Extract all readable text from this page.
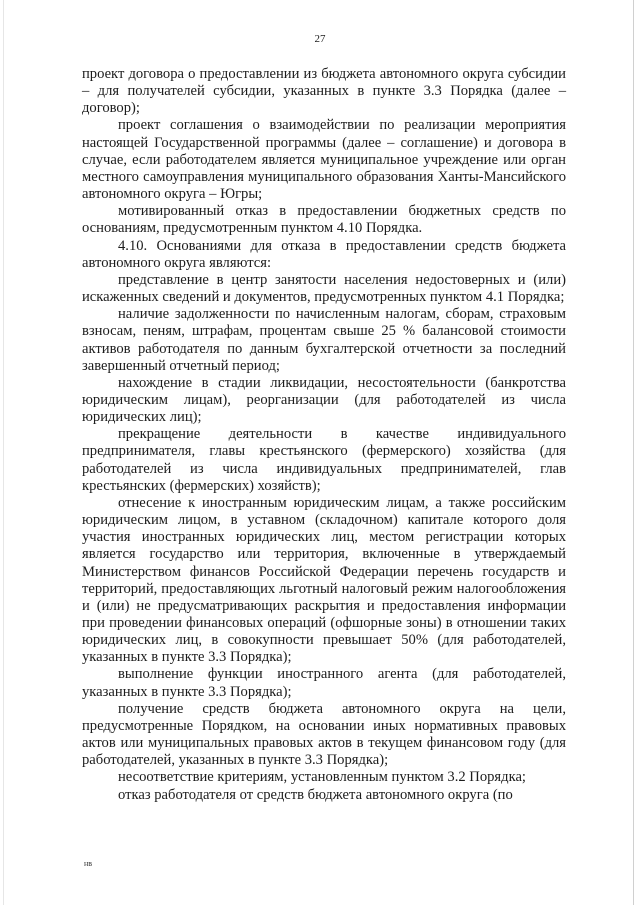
27

проект договора о предоставлении из бюджета автономного округа субсидии – для получателей субсидии, указанных в пункте 3.3 Порядка (далее – договор);

проект соглашения о взаимодействии по реализации мероприятия настоящей Государственной программы (далее – соглашение) и договора в случае, если работодателем является муниципальное учреждение или орган местного самоуправления муниципального образования Ханты-Мансийского автономного округа – Югры;

мотивированный отказ в предоставлении бюджетных средств по основаниям, предусмотренным пунктом 4.10 Порядка.

4.10. Основаниями для отказа в предоставлении средств бюджета автономного округа являются:

представление в центр занятости населения недостоверных и (или) искаженных сведений и документов, предусмотренных пунктом 4.1 Порядка;

наличие задолженности по начисленным налогам, сборам, страховым взносам, пеням, штрафам, процентам свыше 25 % балансовой стоимости активов работодателя по данным бухгалтерской отчетности за последний завершенный отчетный период;

нахождение в стадии ликвидации, несостоятельности (банкротства юридическим лицам), реорганизации (для работодателей из числа юридических лиц);

прекращение деятельности в качестве индивидуального предпринимателя, главы крестьянского (фермерского) хозяйства (для работодателей из числа индивидуальных предпринимателей, глав крестьянских (фермерских) хозяйств);

отнесение к иностранным юридическим лицам, а также российским юридическим лицом, в уставном (складочном) капитале которого доля участия иностранных юридических лиц, местом регистрации которых является государство или территория, включенные в утверждаемый Министерством финансов Российской Федерации перечень государств и территорий, предоставляющих льготный налоговый режим налогообложения и (или) не предусматривающих раскрытия и предоставления информации при проведении финансовых операций (офшорные зоны) в отношении таких юридических лиц, в совокупности превышает 50% (для работодателей, указанных в пункте 3.3 Порядка);

выполнение функции иностранного агента (для работодателей, указанных в пункте 3.3 Порядка);

получение средств бюджета автономного округа на цели, предусмотренные Порядком, на основании иных нормативных правовых актов или муниципальных правовых актов в текущем финансовом году (для работодателей, указанных в пункте 3.3 Порядка);

несоответствие критериям, установленным пунктом 3.2 Порядка;

отказ работодателя от средств бюджета автономного округа (по

нв
